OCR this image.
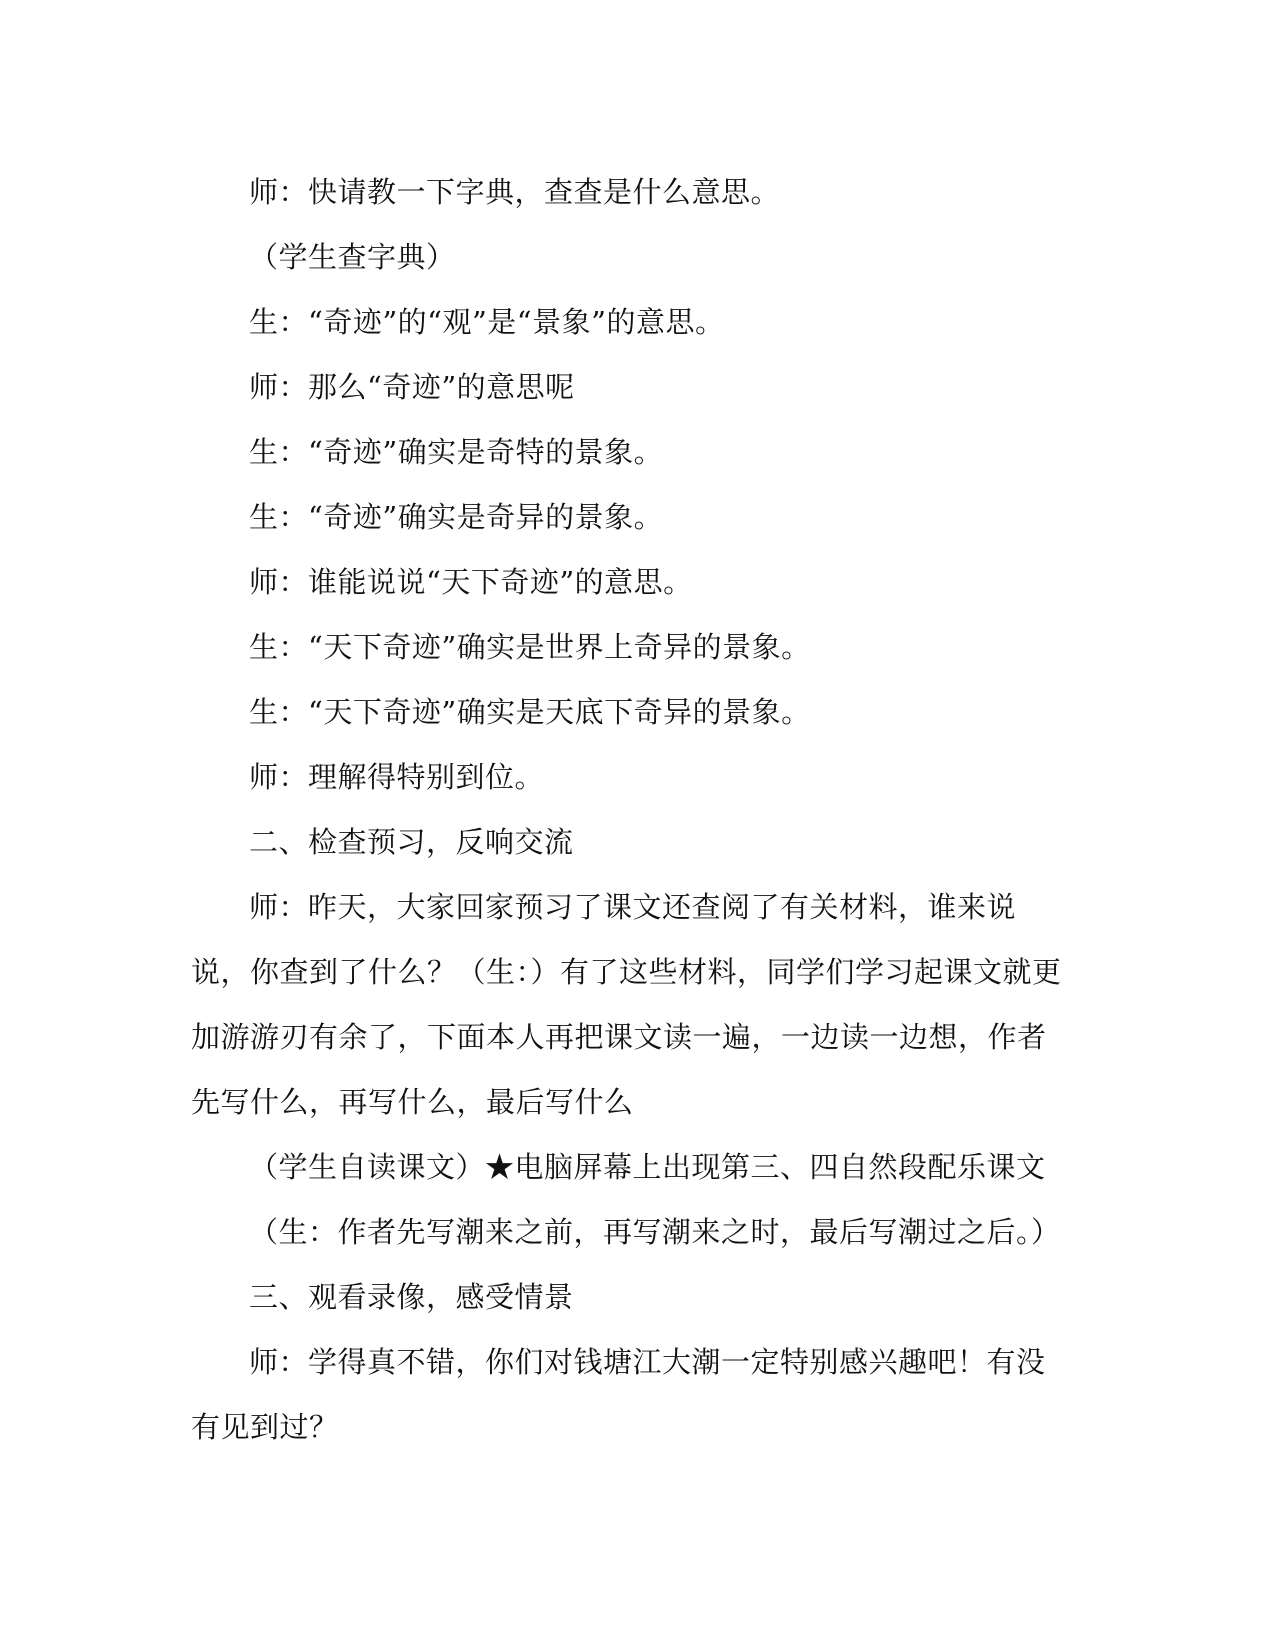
师：快请教一下字典，查查是什么意思。

（学生查字典）

生：“奇迹”的“观”是“景象”的意思。

师：那么“奇迹”的意思呢

生：“奇迹”确实是奇特的景象。

生：“奇迹”确实是奇异的景象。

师：谁能说说“天下奇迹”的意思。

生：“天下奇迹”确实是世界上奇异的景象。

生：“天下奇迹”确实是天底下奇异的景象。

师：理解得特别到位。

二、检查预习，反响交流

师：昨天，大家回家预习了课文还查阅了有关材料，谁来说说，你查到了什么？（生：）有了这些材料，同学们学习起课文就更加游游刃有余了，下面本人再把课文读一遍，一边读一边想，作者先写什么，再写什么，最后写什么

（学生自读课文）★电脑屏幕上出现第三、四自然段配乐课文

（生：作者先写潮来之前，再写潮来之时，最后写潮过之后。）

三、观看录像，感受情景

师：学得真不错，你们对钱塘江大潮一定特别感兴趣吧！有没有见到过？
